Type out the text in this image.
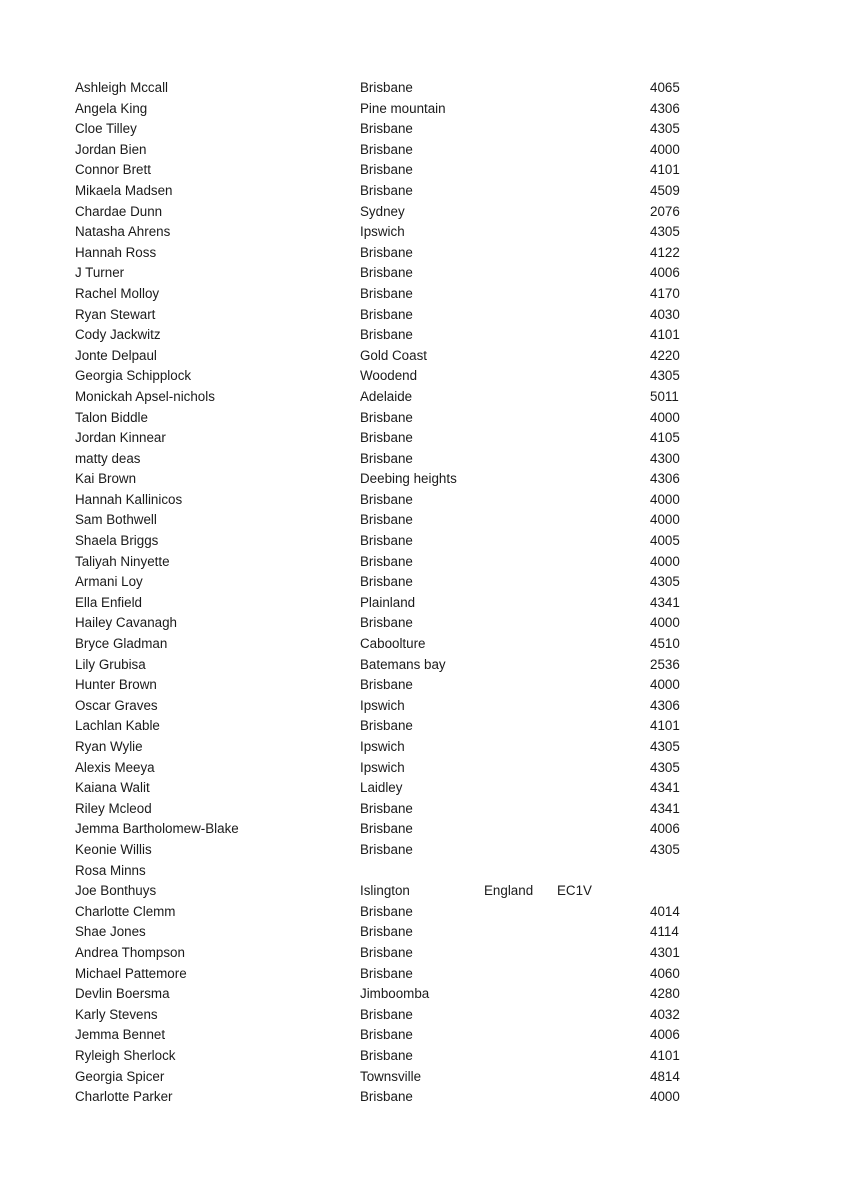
Ashleigh Mccall	Brisbane	4065
Angela King	Pine mountain	4306
Cloe Tilley	Brisbane	4305
Jordan Bien	Brisbane	4000
Connor Brett	Brisbane	4101
Mikaela Madsen	Brisbane	4509
Chardae Dunn	Sydney	2076
Natasha Ahrens	Ipswich	4305
Hannah Ross	Brisbane	4122
J Turner	Brisbane	4006
Rachel Molloy	Brisbane	4170
Ryan Stewart	Brisbane	4030
Cody Jackwitz	Brisbane	4101
Jonte Delpaul	Gold Coast	4220
Georgia Schipplock	Woodend	4305
Monickah Apsel-nichols	Adelaide	5011
Talon Biddle	Brisbane	4000
Jordan Kinnear	Brisbane	4105
matty deas	Brisbane	4300
Kai Brown	Deebing heights	4306
Hannah Kallinicos	Brisbane	4000
Sam Bothwell	Brisbane	4000
Shaela Briggs	Brisbane	4005
Taliyah Ninyette	Brisbane	4000
Armani Loy	Brisbane	4305
Ella Enfield	Plainland	4341
Hailey Cavanagh	Brisbane	4000
Bryce Gladman	Caboolture	4510
Lily Grubisa	Batemans bay	2536
Hunter Brown	Brisbane	4000
Oscar Graves	Ipswich	4306
Lachlan Kable	Brisbane	4101
Ryan Wylie	Ipswich	4305
Alexis Meeya	Ipswich	4305
Kaiana Walit	Laidley	4341
Riley Mcleod	Brisbane	4341
Jemma Bartholomew-Blake	Brisbane	4006
Keonie Willis	Brisbane	4305
Rosa Minns
Joe Bonthuys	Islington	England EC1V
Charlotte Clemm	Brisbane	4014
Shae Jones	Brisbane	4114
Andrea Thompson	Brisbane	4301
Michael Pattemore	Brisbane	4060
Devlin Boersma	Jimboomba	4280
Karly Stevens	Brisbane	4032
Jemma Bennet	Brisbane	4006
Ryleigh Sherlock	Brisbane	4101
Georgia Spicer	Townsville	4814
Charlotte Parker	Brisbane	4000
